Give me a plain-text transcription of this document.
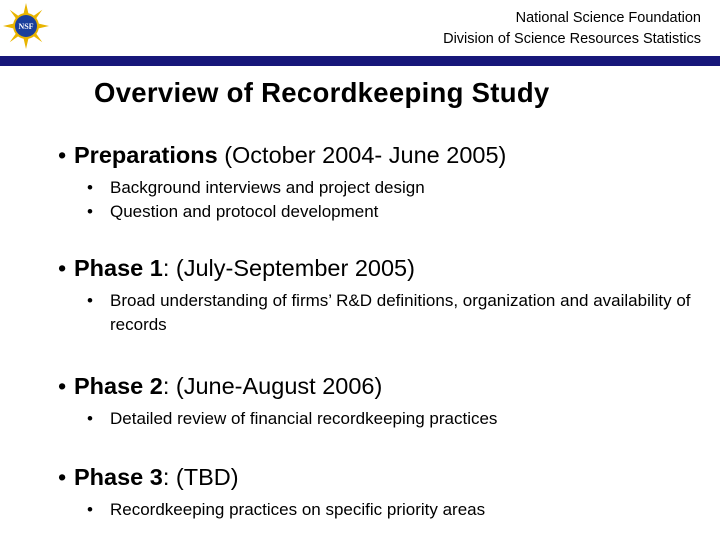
NSF
National Science Foundation
Division of Science Resources Statistics
Overview of Recordkeeping Study
• Preparations (October 2004- June 2005)
• Background interviews and project design
• Question and protocol development
• Phase 1 : (July-September 2005)
• Broad understanding of firms’ R&D definitions, organization and availability of records
• Phase 2 : (June-August 2006)
• Detailed review of financial recordkeeping practices
• Phase 3 : (TBD)
• Recordkeeping practices on specific priority areas
